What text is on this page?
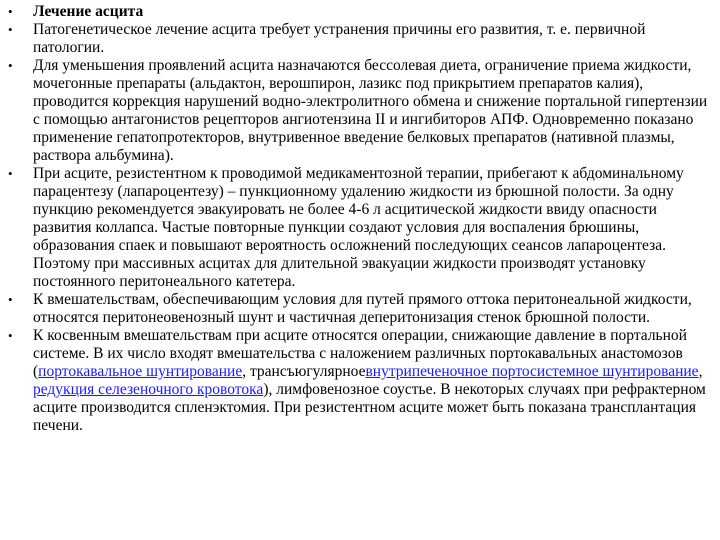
•	Лечение асцита
•	Патогенетическое лечение асцита требует устранения причины его развития, т. е. первичной патологии.
•	Для уменьшения проявлений асцита назначаются бессолевая диета, ограничение приема жидкости, мочегонные препараты (альдактон, верошпирон, лазикс под прикрытием препаратов калия), проводится коррекция нарушений водно-электролитного обмена и снижение портальной гипертензии с помощью антагонистов рецепторов ангиотензина II и ингибиторов АПФ. Одновременно показано применение гепатопротекторов, внутривенное введение белковых препаратов (нативной плазмы, раствора альбумина).
•	При асците, резистентном к проводимой медикаментозной терапии, прибегают к абдоминальному парацентезу (лапароцентезу) – пункционному удалению жидкости из брюшной полости. За одну пункцию рекомендуется эвакуировать не более 4-6 л асцитической жидкости ввиду опасности развития коллапса. Частые повторные пункции создают условия для воспаления брюшины, образования спаек и повышают вероятность осложнений последующих сеансов лапароцентеза. Поэтому при массивных асцитах для длительной эвакуации жидкости производят установку постоянного перитонеального катетера.
•	К вмешательствам, обеспечивающим условия для путей прямого оттока перитонеальной жидкости, относятся перитонеовенозный шунт и частичная деперитонизация стенок брюшной полости.
•	К косвенным вмешательствам при асците относятся операции, снижающие давление в портальной системе. В их число входят вмешательства с наложением различных портокавальных анастомозов (портокавальное шунтирование, трансъюгулярноевнутрипеченочное портосистемное шунтирование, редукция селезеночного кровотока), лимфовенозное соустье. В некоторых случаях при рефрактерном асците производится спленэктомия. При резистентном асците может быть показана трансплантация печени.
